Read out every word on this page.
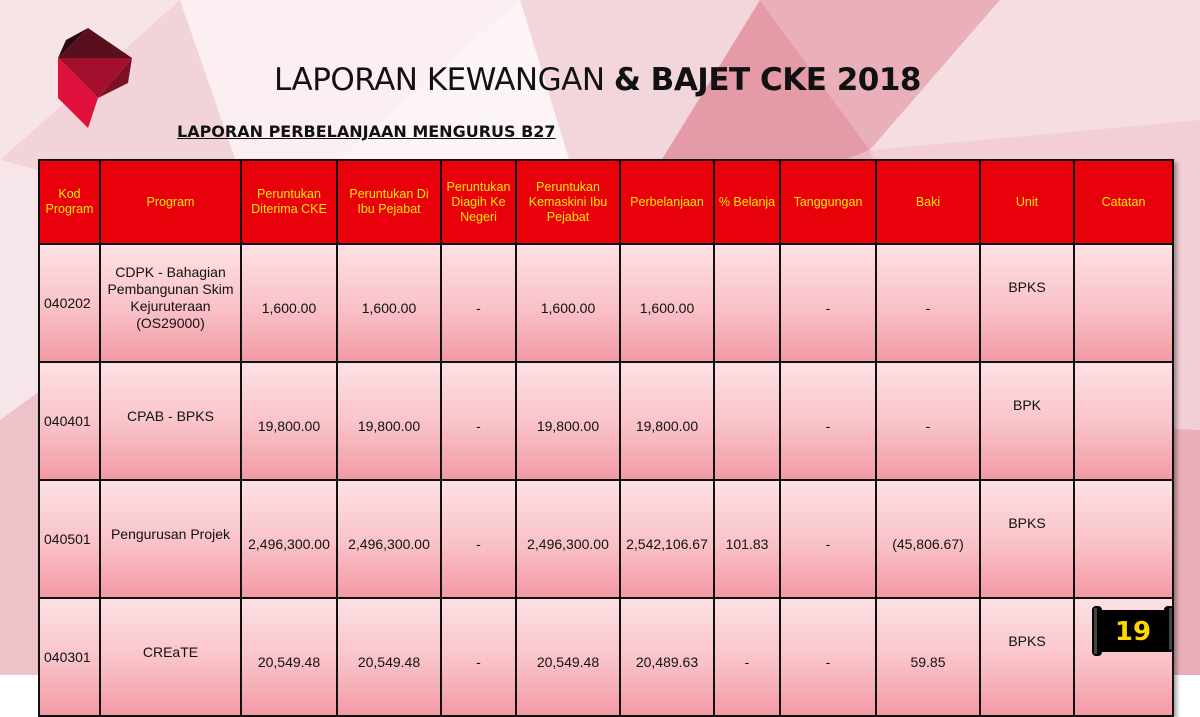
LAPORAN KEWANGAN & BAJET CKE 2018
LAPORAN PERBELANJAAN MENGURUS B27
Kod Program	Program	Peruntukan Diterima CKE	Peruntukan Di Ibu Pejabat	Peruntukan Diagih Ke Negeri	Peruntukan Kemaskini Ibu Pejabat	Perbelanjaan	% Belanja	Tanggungan	Baki	Unit	Catatan
040202	CDPK - Bahagian Pembangunan Skim Kejuruteraan (OS29000)	1,600.00	1,600.00	-	1,600.00	1,600.00		-	-	BPKS	
040401	CPAB - BPKS	19,800.00	19,800.00	-	19,800.00	19,800.00		-	-	BPK	
040501	Pengurusan Projek	2,496,300.00	2,496,300.00	-	2,496,300.00	2,542,106.67	101.83	-	(45,806.67)	BPKS	
040301	CREaTE	20,549.48	20,549.48	-	20,549.48	20,489.63	-	-	59.85	BPKS		19
